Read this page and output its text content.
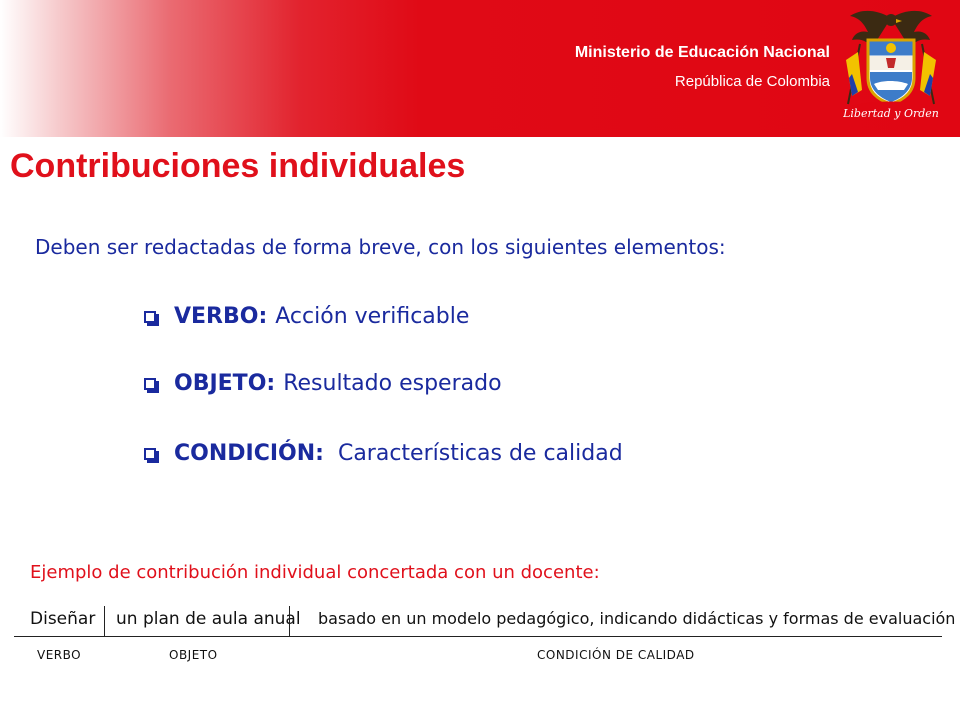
Ministerio de Educación Nacional
República de Colombia
Libertad y Orden
Contribuciones individuales
Deben ser redactadas de forma breve, con los siguientes elementos:
VERBO: Acción verificable
OBJETO: Resultado esperado
CONDICIÓN: Características de calidad
Ejemplo de contribución individual concertada con un docente:
Diseñar un plan de aula anual basado en un modelo pedagógico, indicando didácticas y formas de evaluación
VERBO	OBJETO	CONDICIÓN DE CALIDAD
